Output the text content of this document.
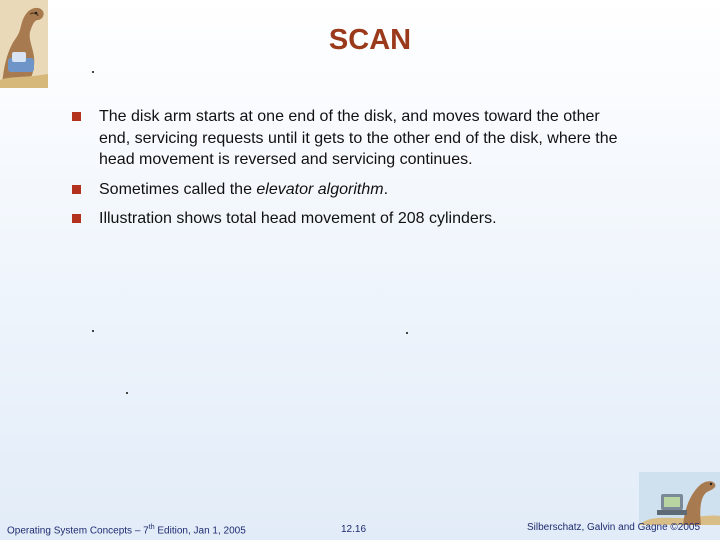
SCAN
The disk arm starts at one end of the disk, and moves toward the other end, servicing requests until it gets to the other end of the disk, where the head movement is reversed and servicing continues.
Sometimes called the elevator algorithm.
Illustration shows total head movement of 208 cylinders.
Operating System Concepts – 7th Edition, Jan 1, 2005	12.16	Silberschatz, Galvin and Gagne ©2005
